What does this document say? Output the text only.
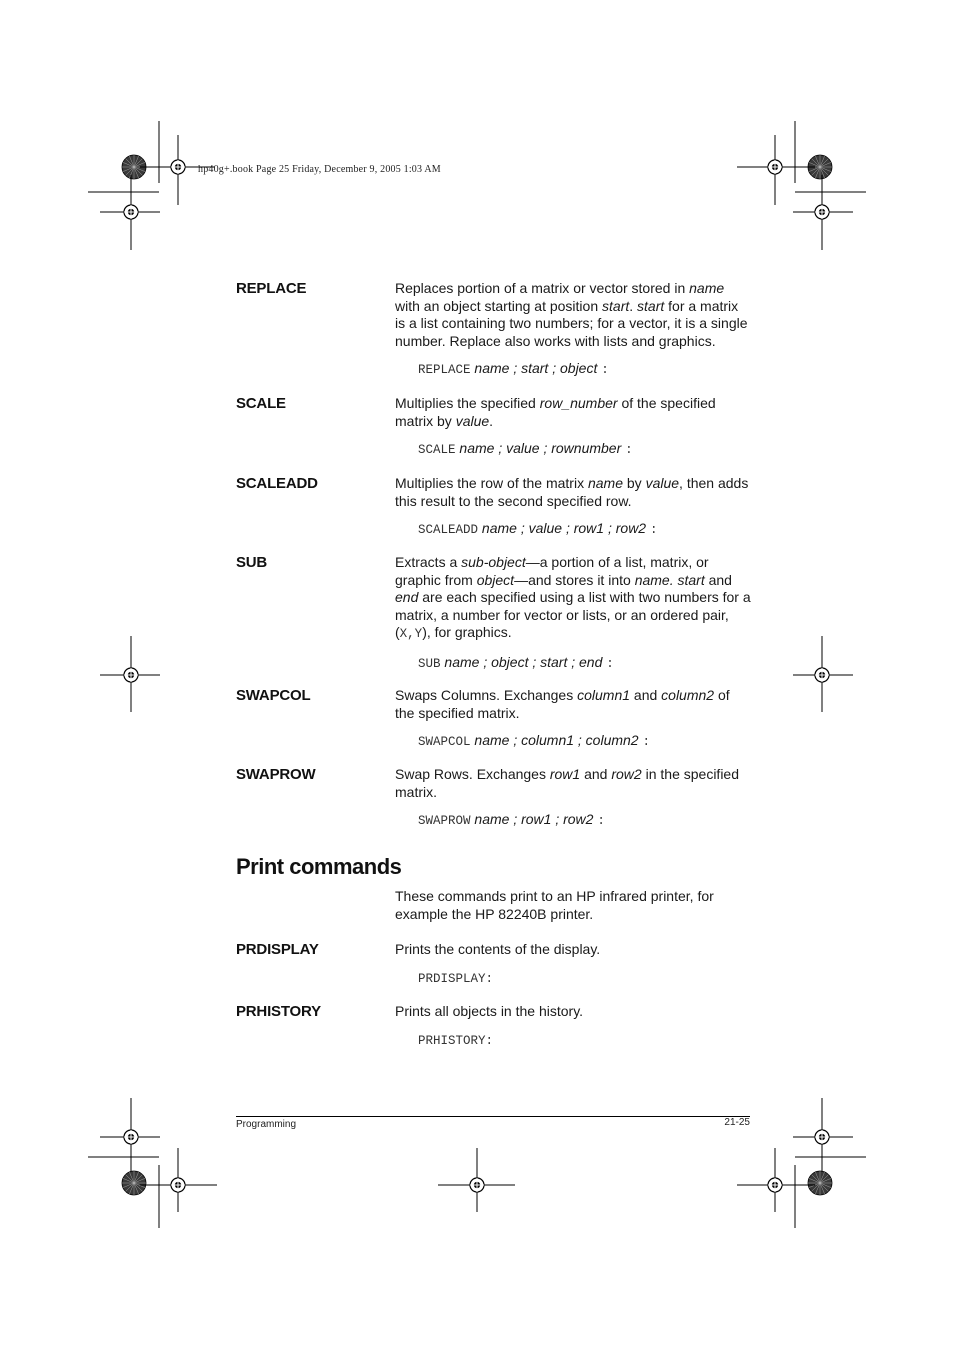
hp40g+.book Page 25 Friday, December 9, 2005 1:03 AM
REPLACE	Replaces portion of a matrix or vector stored in name with an object starting at position start. start for a matrix is a list containing two numbers; for a vector, it is a single number. Replace also works with lists and graphics.

REPLACE name ; start ; object :
SCALE	Multiplies the specified row_number of the specified matrix by value.

SCALE name ; value ; rownumber :
SCALEADD	Multiplies the row of the matrix name by value, then adds this result to the second specified row.

SCALEADD name ; value ; row1 ; row2 :
SUB	Extracts a sub-object—a portion of a list, matrix, or graphic from object—and stores it into name. start and end are each specified using a list with two numbers for a matrix, a number for vector or lists, or an ordered pair, (X,Y), for graphics.

SUB name ; object ; start ; end :
SWAPCOL	Swaps Columns. Exchanges column1 and column2 of the specified matrix.

SWAPCOL name ; column1 ; column2 :
SWAPROW	Swap Rows. Exchanges row1 and row2 in the specified matrix.

SWAPROW name ; row1 ; row2 :
Print commands
These commands print to an HP infrared printer, for example the HP 82240B printer.
PRDISPLAY	Prints the contents of the display.

PRDISPLAY:
PRHISTORY	Prints all objects in the history.

PRHISTORY:
Programming	21-25
